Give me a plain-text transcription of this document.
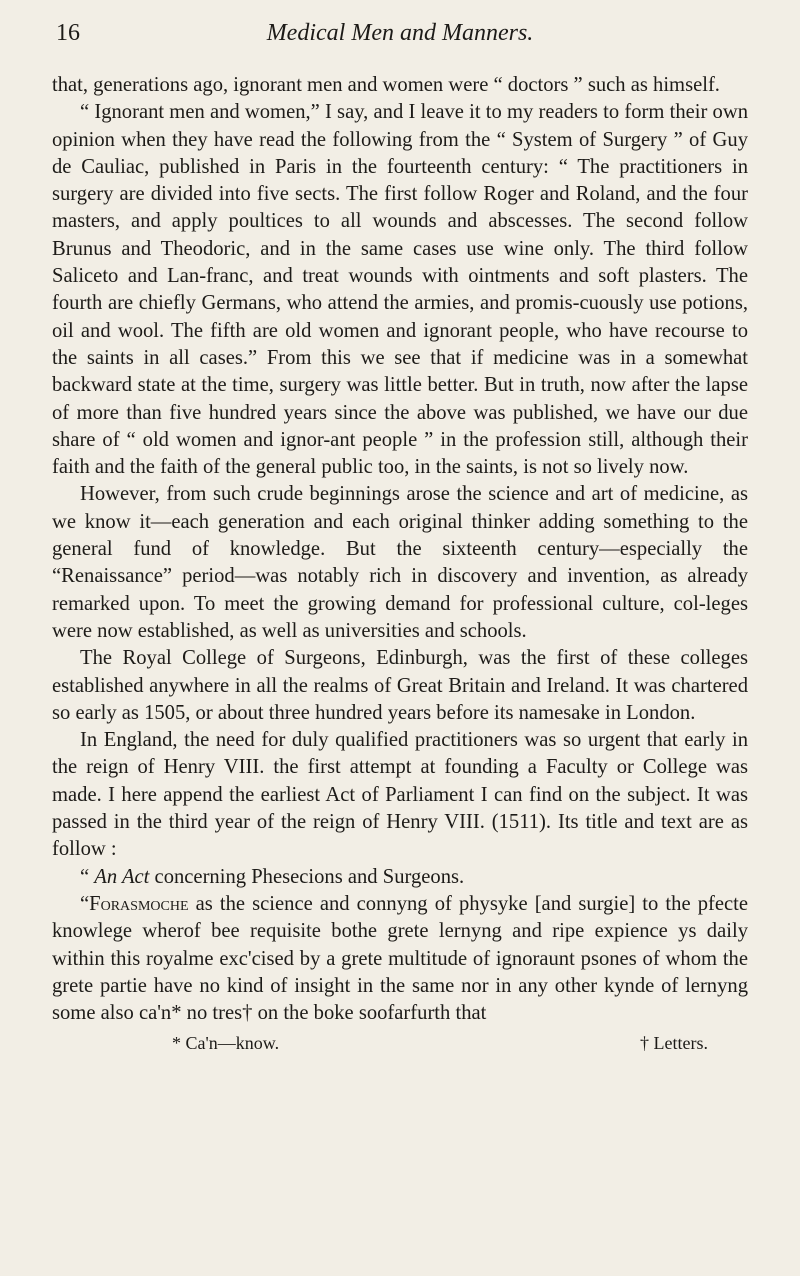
16	Medical Men and Manners.

that, generations ago, ignorant men and women were “ doctors ” such as himself.

“ Ignorant men and women,” I say, and I leave it to my readers to form their own opinion when they have read the following from the “ System of Surgery ” of Guy de Cauliac, published in Paris in the fourteenth century: “ The practitioners in surgery are divided into five sects. The first follow Roger and Roland, and the four masters, and apply poultices to all wounds and abscesses. The second follow Brunus and Theodoric, and in the same cases use wine only. The third follow Saliceto and Lan-franc, and treat wounds with ointments and soft plasters. The fourth are chiefly Germans, who attend the armies, and promis-cuously use potions, oil and wool. The fifth are old women and ignorant people, who have recourse to the saints in all cases.” From this we see that if medicine was in a somewhat backward state at the time, surgery was little better. But in truth, now after the lapse of more than five hundred years since the above was published, we have our due share of “ old women and ignor-ant people ” in the profession still, although their faith and the faith of the general public too, in the saints, is not so lively now.

However, from such crude beginnings arose the science and art of medicine, as we know it—each generation and each original thinker adding something to the general fund of knowledge. But the sixteenth century—especially the “Renaissance” period—was notably rich in discovery and invention, as already remarked upon. To meet the growing demand for professional culture, col-leges were now established, as well as universities and schools.

The Royal College of Surgeons, Edinburgh, was the first of these colleges established anywhere in all the realms of Great Britain and Ireland. It was chartered so early as 1505, or about three hundred years before its namesake in London.

In England, the need for duly qualified practitioners was so urgent that early in the reign of Henry VIII. the first attempt at founding a Faculty or College was made. I here append the earliest Act of Parliament I can find on the subject. It was passed in the third year of the reign of Henry VIII. (1511). Its title and text are as follow :

“ An Act concerning Phesecions and Surgeons.

“Forasmoche as the science and connyng of physyke [and surgie] to the pfecte knowlege wherof bee requisite bothe grete lernyng and ripe expience ys daily within this royalme exc'cised by a grete multitude of ignoraunt psones of whom the grete partie have no kind of insight in the same nor in any other kynde of lernyng some also ca'n* no tres† on the boke soofarfurth that

* Ca'n—know.	† Letters.
